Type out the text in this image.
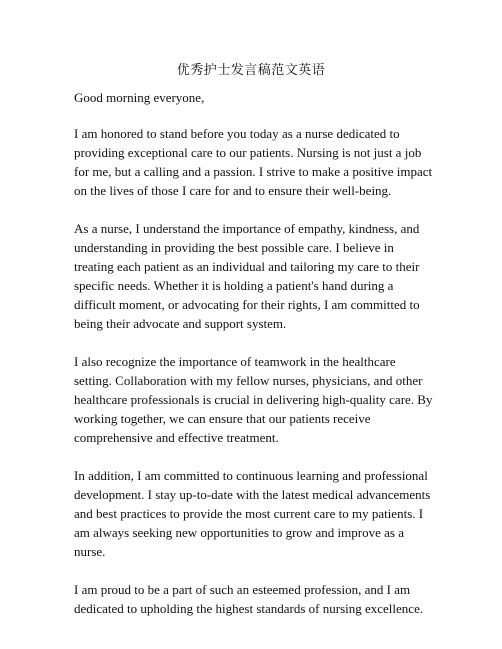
优秀护士发言稿范文英语

Good morning everyone,

I am honored to stand before you today as a nurse dedicated to providing exceptional care to our patients. Nursing is not just a job for me, but a calling and a passion. I strive to make a positive impact on the lives of those I care for and to ensure their well-being.

As a nurse, I understand the importance of empathy, kindness, and understanding in providing the best possible care. I believe in treating each patient as an individual and tailoring my care to their specific needs. Whether it is holding a patient's hand during a difficult moment, or advocating for their rights, I am committed to being their advocate and support system.

I also recognize the importance of teamwork in the healthcare setting. Collaboration with my fellow nurses, physicians, and other healthcare professionals is crucial in delivering high-quality care. By working together, we can ensure that our patients receive comprehensive and effective treatment.

In addition, I am committed to continuous learning and professional development. I stay up-to-date with the latest medical advancements and best practices to provide the most current care to my patients. I am always seeking new opportunities to grow and improve as a nurse.

I am proud to be a part of such an esteemed profession, and I am dedicated to upholding the highest standards of nursing excellence.
